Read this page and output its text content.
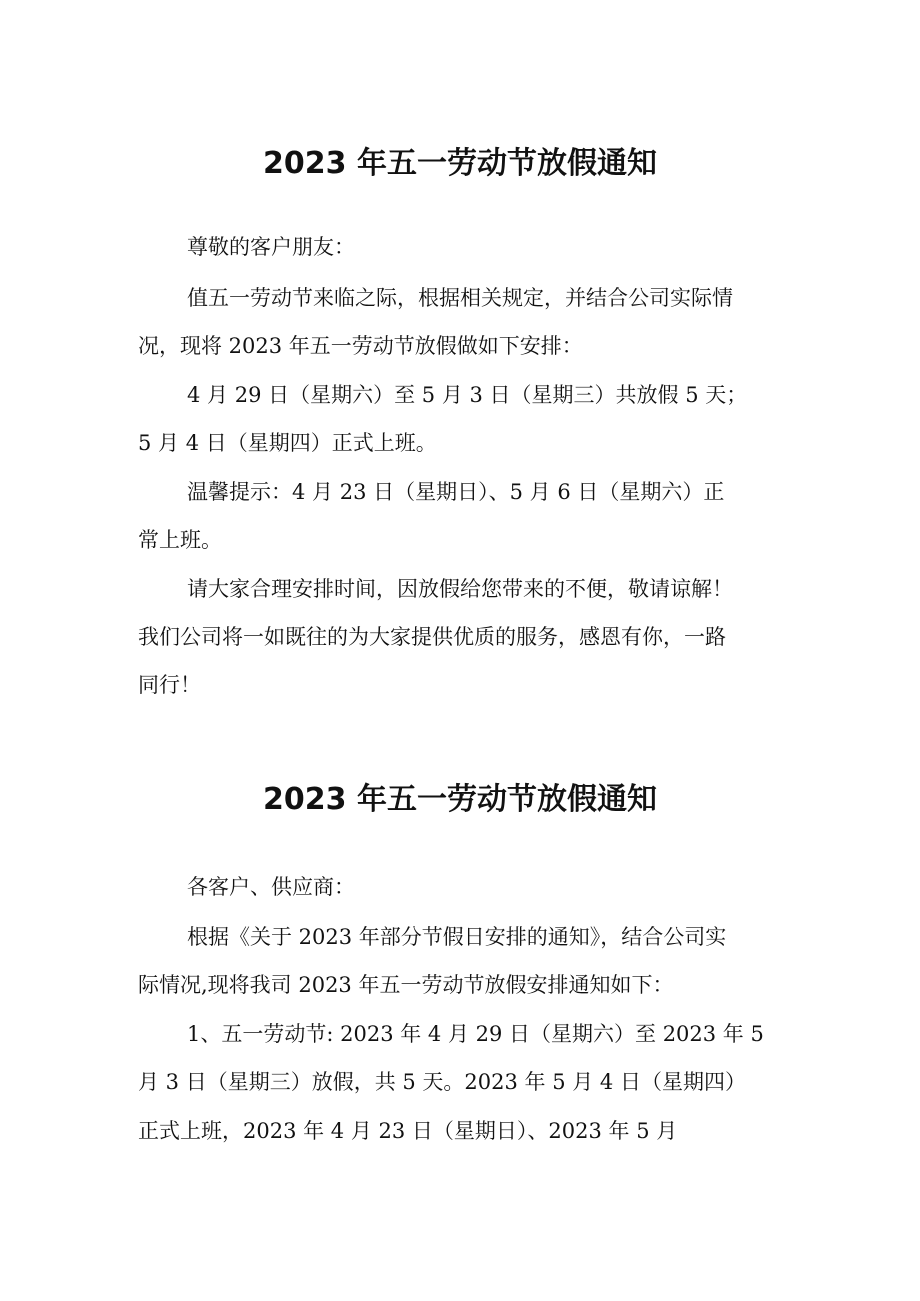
2023 年五一劳动节放假通知

尊敬的客户朋友：

值五一劳动节来临之际，根据相关规定，并结合公司实际情

况，现将 2023 年五一劳动节放假做如下安排：

4 月 29 日（星期六）至 5 月 3 日（星期三）共放假 5 天；

5 月 4 日（星期四）正式上班。

温馨提示：4 月 23 日（星期日）、5 月 6 日（星期六）正

常上班。

请大家合理安排时间，因放假给您带来的不便，敬请谅解！

我们公司将一如既往的为大家提供优质的服务，感恩有你，一路

同行！

2023 年五一劳动节放假通知

各客户、供应商：

根据《关于 2023 年部分节假日安排的通知》，结合公司实

际情况,现将我司 2023 年五一劳动节放假安排通知如下：

1、五一劳动节: 2023 年 4 月 29 日（星期六）至 2023 年 5

月 3 日（星期三）放假，共 5 天。2023 年 5 月 4 日（星期四）

正式上班，2023 年 4 月 23 日（星期日）、2023 年 5 月
